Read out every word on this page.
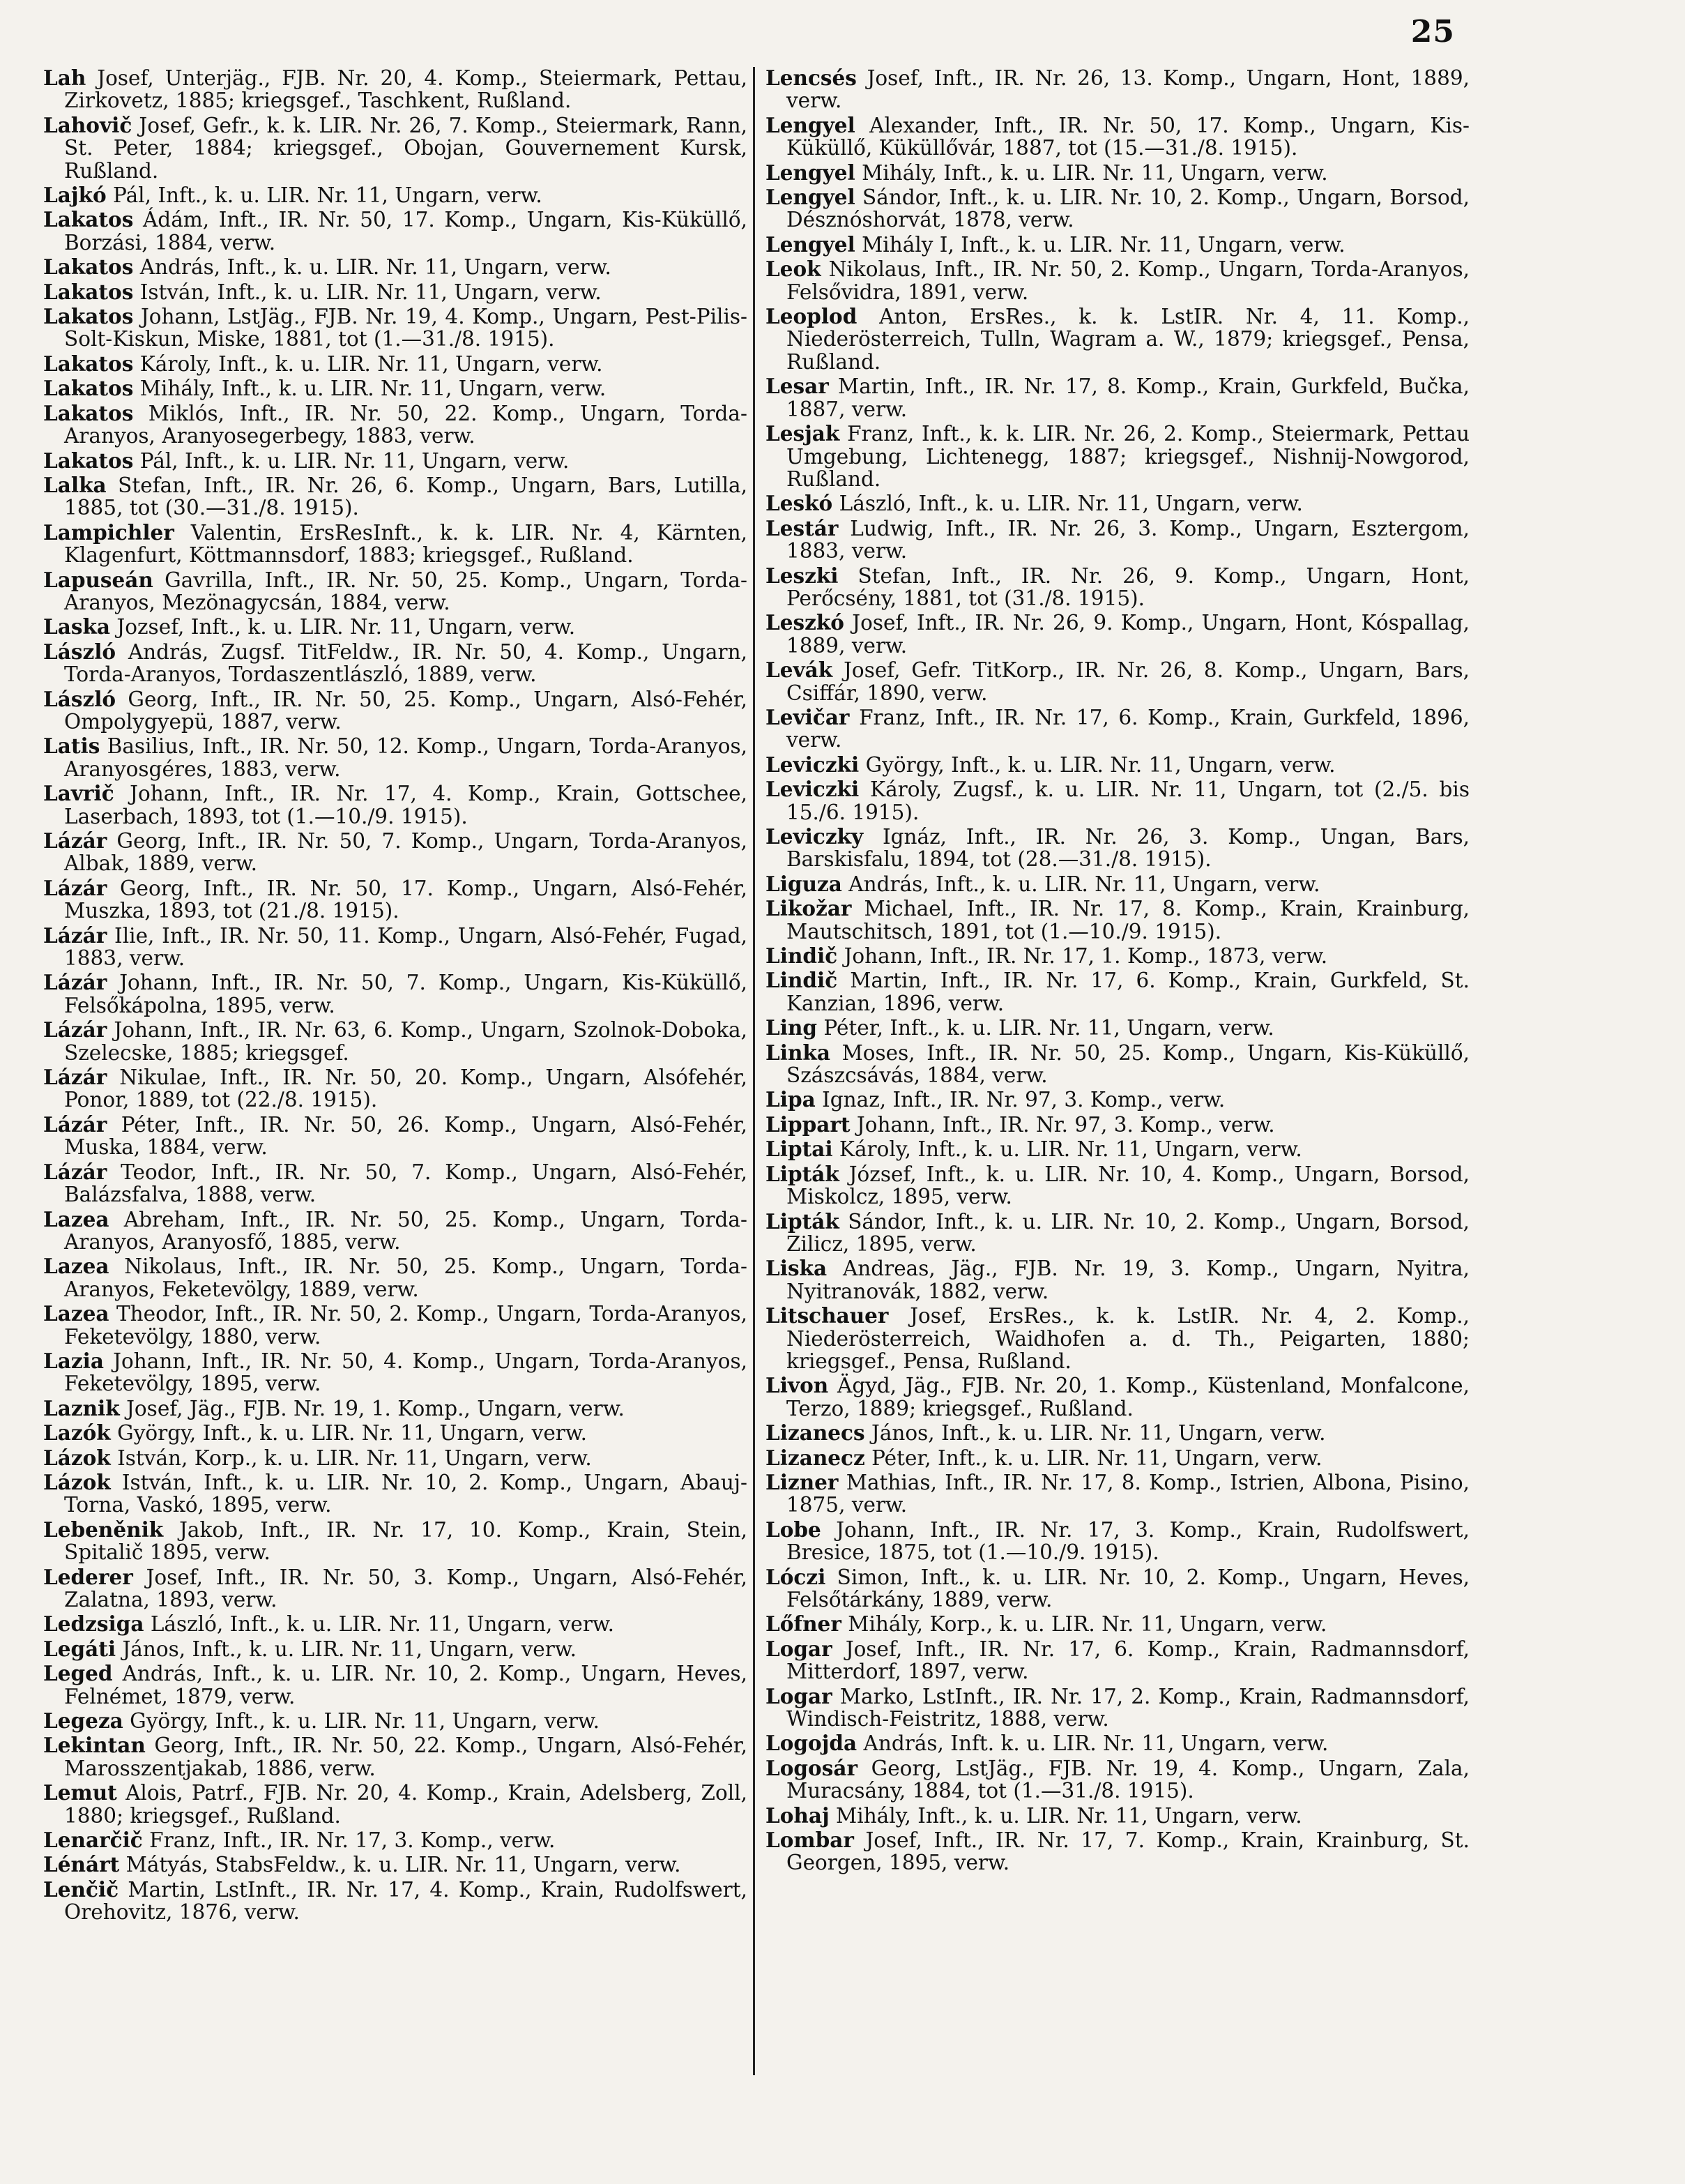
25

Lah Josef, Unterjäg., FJB. Nr. 20, 4. Komp., Steiermark, Pettau, Zirkovetz, 1885; kriegsgef., Taschkent, Rußland.

Lahovič Josef, Gefr., k. k. LIR. Nr. 26, 7. Komp., Steiermark, Rann, St. Peter, 1884; kriegsgef., Obojan, Gouvernement Kursk, Rußland.

Lajkó Pál, Inft., k. u. LIR. Nr. 11, Ungarn, verw.

Lakatos Ádám, Inft., IR. Nr. 50, 17. Komp., Ungarn, Kis-Küküllő, Borzási, 1884, verw.

Lakatos András, Inft., k. u. LIR. Nr. 11, Ungarn, verw.

Lakatos István, Inft., k. u. LIR. Nr. 11, Ungarn, verw.

Lakatos Johann, LstJäg., FJB. Nr. 19, 4. Komp., Ungarn, Pest-Pilis-Solt-Kiskun, Miske, 1881, tot (1.—31./8. 1915).

Lakatos Károly, Inft., k. u. LIR. Nr. 11, Ungarn, verw.

Lakatos Mihály, Inft., k. u. LIR. Nr. 11, Ungarn, verw.

Lakatos Miklós, Inft., IR. Nr. 50, 22. Komp., Ungarn, Torda-Aranyos, Aranyosegerbegy, 1883, verw.

Lakatos Pál, Inft., k. u. LIR. Nr. 11, Ungarn, verw.

Lalka Stefan, Inft., IR. Nr. 26, 6. Komp., Ungarn, Bars, Lutilla, 1885, tot (30.—31./8. 1915).

Lampichler Valentin, ErsResInft., k. k. LIR. Nr. 4, Kärnten, Klagenfurt, Köttmannsdorf, 1883; kriegsgef., Rußland.

Lapuseán Gavrilla, Inft., IR. Nr. 50, 25. Komp., Ungarn, Torda-Aranyos, Mezönagycsán, 1884, verw.

Laska Jozsef, Inft., k. u. LIR. Nr. 11, Ungarn, verw.

László András, Zugsf. TitFeldw., IR. Nr. 50, 4. Komp., Ungarn, Torda-Aranyos, Tordaszentlászló, 1889, verw.

László Georg, Inft., IR. Nr. 50, 25. Komp., Ungarn, Alsó-Fehér, Ompolygyepü, 1887, verw.

Latis Basilius, Inft., IR. Nr. 50, 12. Komp., Ungarn, Torda-Aranyos, Aranyosgéres, 1883, verw.

Lavrič Johann, Inft., IR. Nr. 17, 4. Komp., Krain, Gottschee, Laserbach, 1893, tot (1.—10./9. 1915).

Lázár Georg, Inft., IR. Nr. 50, 7. Komp., Ungarn, Torda-Aranyos, Albak, 1889, verw.

Lázár Georg, Inft., IR. Nr. 50, 17. Komp., Ungarn, Alsó-Fehér, Muszka, 1893, tot (21./8. 1915).

Lázár Ilie, Inft., IR. Nr. 50, 11. Komp., Ungarn, Alsó-Fehér, Fugad, 1883, verw.

Lázár Johann, Inft., IR. Nr. 50, 7. Komp., Ungarn, Kis-Küküllő, Felsőkápolna, 1895, verw.

Lázár Johann, Inft., IR. Nr. 63, 6. Komp., Ungarn, Szolnok-Doboka, Szelecske, 1885; kriegsgef.

Lázár Nikulae, Inft., IR. Nr. 50, 20. Komp., Ungarn, Alsófehér, Ponor, 1889, tot (22./8. 1915).

Lázár Péter, Inft., IR. Nr. 50, 26. Komp., Ungarn, Alsó-Fehér, Muska, 1884, verw.

Lázár Teodor, Inft., IR. Nr. 50, 7. Komp., Ungarn, Alsó-Fehér, Balázsfalva, 1888, verw.

Lazea Abreham, Inft., IR. Nr. 50, 25. Komp., Ungarn, Torda-Aranyos, Aranyosfő, 1885, verw.

Lazea Nikolaus, Inft., IR. Nr. 50, 25. Komp., Ungarn, Torda-Aranyos, Feketevölgy, 1889, verw.

Lazea Theodor, Inft., IR. Nr. 50, 2. Komp., Ungarn, Torda-Aranyos, Feketevölgy, 1880, verw.

Lazia Johann, Inft., IR. Nr. 50, 4. Komp., Ungarn, Torda-Aranyos, Feketevölgy, 1895, verw.

Laznik Josef, Jäg., FJB. Nr. 19, 1. Komp., Ungarn, verw.

Lazók György, Inft., k. u. LIR. Nr. 11, Ungarn, verw.

Lázok István, Korp., k. u. LIR. Nr. 11, Ungarn, verw.

Lázok István, Inft., k. u. LIR. Nr. 10, 2. Komp., Ungarn, Abauj-Torna, Vaskó, 1895, verw.

Lebeněnik Jakob, Inft., IR. Nr. 17, 10. Komp., Krain, Stein, Spitalič 1895, verw.

Lederer Josef, Inft., IR. Nr. 50, 3. Komp., Ungarn, Alsó-Fehér, Zalatna, 1893, verw.

Ledzsiga László, Inft., k. u. LIR. Nr. 11, Ungarn, verw.

Legáti János, Inft., k. u. LIR. Nr. 11, Ungarn, verw.

Leged András, Inft., k. u. LIR. Nr. 10, 2. Komp., Ungarn, Heves, Felnémet, 1879, verw.

Legeza György, Inft., k. u. LIR. Nr. 11, Ungarn, verw.

Lekintan Georg, Inft., IR. Nr. 50, 22. Komp., Ungarn, Alsó-Fehér, Marosszentjakab, 1886, verw.

Lemut Alois, Patrf., FJB. Nr. 20, 4. Komp., Krain, Adelsberg, Zoll, 1880; kriegsgef., Rußland.

Lenarčič Franz, Inft., IR. Nr. 17, 3. Komp., verw.

Lénárt Mátyás, StabsFeldw., k. u. LIR. Nr. 11, Ungarn, verw.

Lenčič Martin, LstInft., IR. Nr. 17, 4. Komp., Krain, Rudolfswert, Orehovitz, 1876, verw.

Lencsés Josef, Inft., IR. Nr. 26, 13. Komp., Ungarn, Hont, 1889, verw.

Lengyel Alexander, Inft., IR. Nr. 50, 17. Komp., Ungarn, Kis-Küküllő, Küküllővár, 1887, tot (15.—31./8. 1915).

Lengyel Mihály, Inft., k. u. LIR. Nr. 11, Ungarn, verw.

Lengyel Sándor, Inft., k. u. LIR. Nr. 10, 2. Komp., Ungarn, Borsod, Désznóshorvát, 1878, verw.

Lengyel Mihály I, Inft., k. u. LIR. Nr. 11, Ungarn, verw.

Leok Nikolaus, Inft., IR. Nr. 50, 2. Komp., Ungarn, Torda-Aranyos, Felsővidra, 1891, verw.

Leoplod Anton, ErsRes., k. k. LstIR. Nr. 4, 11. Komp., Niederösterreich, Tulln, Wagram a. W., 1879; kriegsgef., Pensa, Rußland.

Lesar Martin, Inft., IR. Nr. 17, 8. Komp., Krain, Gurkfeld, Bučka, 1887, verw.

Lesjak Franz, Inft., k. k. LIR. Nr. 26, 2. Komp., Steiermark, Pettau Umgebung, Lichtenegg, 1887; kriegsgef., Nishnij-Nowgorod, Rußland.

Leskó László, Inft., k. u. LIR. Nr. 11, Ungarn, verw.

Lestár Ludwig, Inft., IR. Nr. 26, 3. Komp., Ungarn, Esztergom, 1883, verw.

Leszki Stefan, Inft., IR. Nr. 26, 9. Komp., Ungarn, Hont, Perőcsény, 1881, tot (31./8. 1915).

Leszkó Josef, Inft., IR. Nr. 26, 9. Komp., Ungarn, Hont, Kóspallag, 1889, verw.

Levák Josef, Gefr. TitKorp., IR. Nr. 26, 8. Komp., Ungarn, Bars, Csiffár, 1890, verw.

Levičar Franz, Inft., IR. Nr. 17, 6. Komp., Krain, Gurkfeld, 1896, verw.

Leviczki György, Inft., k. u. LIR. Nr. 11, Ungarn, verw.

Leviczki Károly, Zugsf., k. u. LIR. Nr. 11, Ungarn, tot (2./5. bis 15./6. 1915).

Leviczky Ignáz, Inft., IR. Nr. 26, 3. Komp., Ungan, Bars, Barskisfalu, 1894, tot (28.—31./8. 1915).

Liguza András, Inft., k. u. LIR. Nr. 11, Ungarn, verw.

Likožar Michael, Inft., IR. Nr. 17, 8. Komp., Krain, Krainburg, Mautschitsch, 1891, tot (1.—10./9. 1915).

Lindič Johann, Inft., IR. Nr. 17, 1. Komp., 1873, verw.

Lindič Martin, Inft., IR. Nr. 17, 6. Komp., Krain, Gurkfeld, St. Kanzian, 1896, verw.

Ling Péter, Inft., k. u. LIR. Nr. 11, Ungarn, verw.

Linka Moses, Inft., IR. Nr. 50, 25. Komp., Ungarn, Kis-Küküllő, Szászcsávás, 1884, verw.

Lipa Ignaz, Inft., IR. Nr. 97, 3. Komp., verw.

Lippart Johann, Inft., IR. Nr. 97, 3. Komp., verw.

Liptai Károly, Inft., k. u. LIR. Nr. 11, Ungarn, verw.

Lipták József, Inft., k. u. LIR. Nr. 10, 4. Komp., Ungarn, Borsod, Miskolcz, 1895, verw.

Lipták Sándor, Inft., k. u. LIR. Nr. 10, 2. Komp., Ungarn, Borsod, Zilicz, 1895, verw.

Liska Andreas, Jäg., FJB. Nr. 19, 3. Komp., Ungarn, Nyitra, Nyitranovák, 1882, verw.

Litschauer Josef, ErsRes., k. k. LstIR. Nr. 4, 2. Komp., Niederösterreich, Waidhofen a. d. Th., Peigarten, 1880; kriegsgef., Pensa, Rußland.

Livon Ägyd, Jäg., FJB. Nr. 20, 1. Komp., Küstenland, Monfalcone, Terzo, 1889; kriegsgef., Rußland.

Lizanecs János, Inft., k. u. LIR. Nr. 11, Ungarn, verw.

Lizanecz Péter, Inft., k. u. LIR. Nr. 11, Ungarn, verw.

Lizner Mathias, Inft., IR. Nr. 17, 8. Komp., Istrien, Albona, Pisino, 1875, verw.

Lobe Johann, Inft., IR. Nr. 17, 3. Komp., Krain, Rudolfswert, Bresice, 1875, tot (1.—10./9. 1915).

Lóczi Simon, Inft., k. u. LIR. Nr. 10, 2. Komp., Ungarn, Heves, Felsőtárkány, 1889, verw.

Lőfner Mihály, Korp., k. u. LIR. Nr. 11, Ungarn, verw.

Logar Josef, Inft., IR. Nr. 17, 6. Komp., Krain, Radmannsdorf, Mitterdorf, 1897, verw.

Logar Marko, LstInft., IR. Nr. 17, 2. Komp., Krain, Radmannsdorf, Windisch-Feistritz, 1888, verw.

Logojda András, Inft. k. u. LIR. Nr. 11, Ungarn, verw.

Logosár Georg, LstJäg., FJB. Nr. 19, 4. Komp., Ungarn, Zala, Muracsány, 1884, tot (1.—31./8. 1915).

Lohaj Mihály, Inft., k. u. LIR. Nr. 11, Ungarn, verw.

Lombar Josef, Inft., IR. Nr. 17, 7. Komp., Krain, Krainburg, St. Georgen, 1895, verw.
